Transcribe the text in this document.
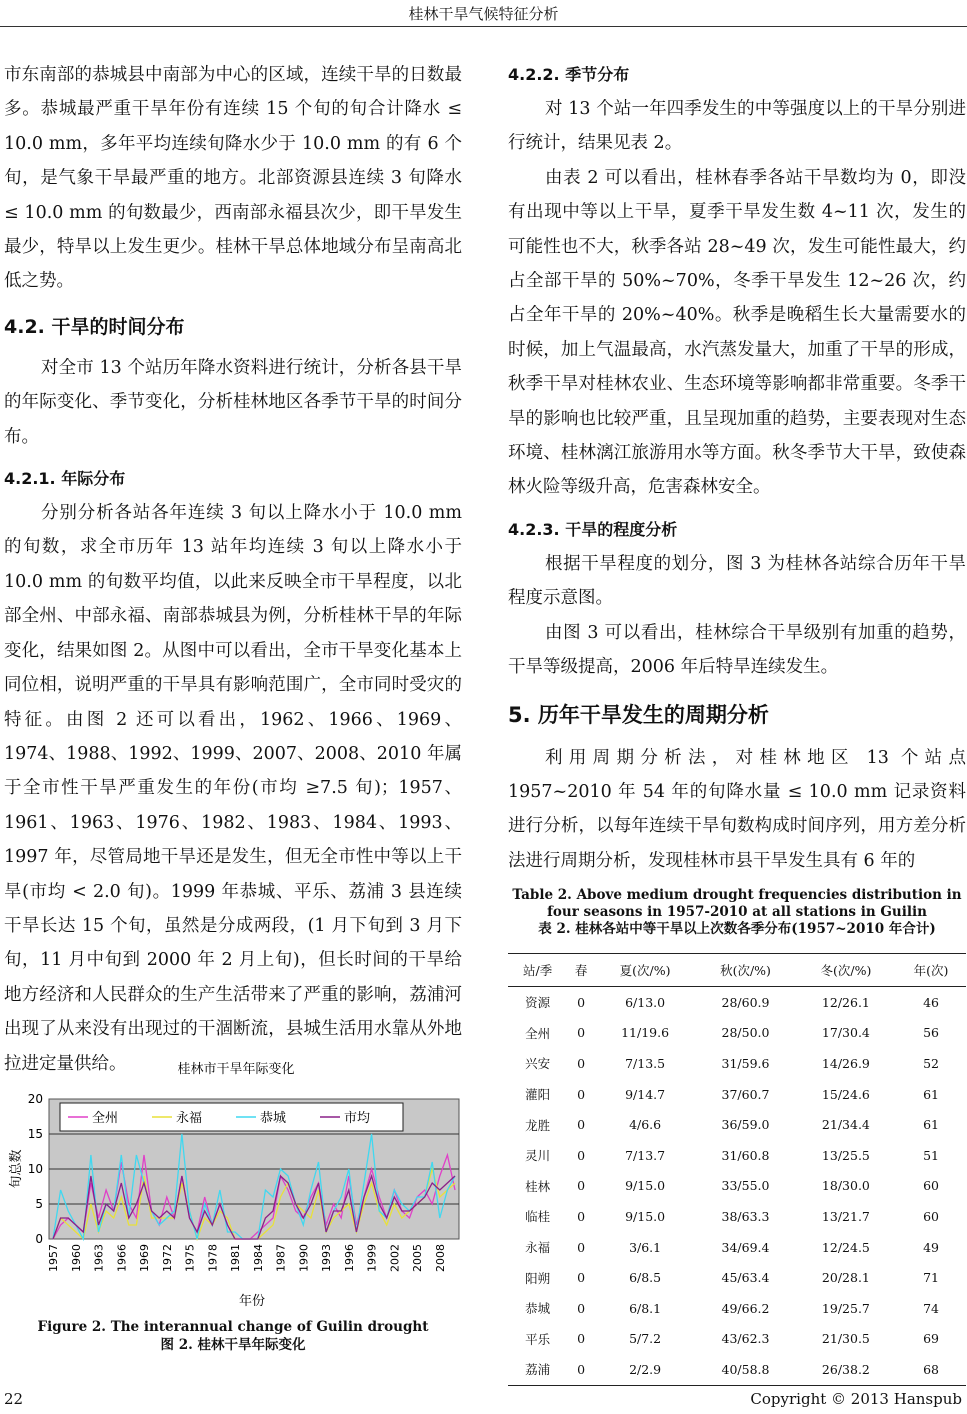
桂林干旱气候特征分析

市东南部的恭城县中南部为中心的区域，连续干旱的日数最多。恭城最严重干旱年份有连续 15 个旬的旬合计降水 ≤ 10.0 mm，多年平均连续旬降水少于 10.0 mm 的有 6 个旬，是气象干旱最严重的地方。北部资源县连续 3 旬降水 ≤ 10.0 mm 的旬数最少，西南部永福县次少，即干旱发生最少，特旱以上发生更少。桂林干旱总体地域分布呈南高北低之势。

4.2. 干旱的时间分布

对全市 13 个站历年降水资料进行统计，分析各县干旱的年际变化、季节变化，分析桂林地区各季节干旱的时间分布。

4.2.1. 年际分布

分别分析各站各年连续 3 旬以上降水小于 10.0 mm 的旬数，求全市历年 13 站年均连续 3 旬以上降水小于 10.0 mm 的旬数平均值，以此来反映全市干旱程度，以北部全州、中部永福、南部恭城县为例，分析桂林干旱的年际变化，结果如图 2。从图中可以看出，全市干旱变化基本上同位相，说明严重的干旱具有影响范围广，全市同时受灾的特征。由图 2 还可以看出，1962、1966、1969、1974、1988、1992、1999、2007、2008、2010 年属于全市性干旱严重发生的年份(市均 ≥7.5 旬)；1957、1961、1963、1976、1982、1983、1984、1993、1997 年，尽管局地干旱还是发生，但无全市性中等以上干旱(市均 < 2.0 旬)。1999 年恭城、平乐、荔浦 3 县连续干旱长达 15 个旬，虽然是分成两段，(1 月下旬到 3 月下旬，11 月中旬到 2000 年 2 月上旬)，但长时间的干旱给地方经济和人民群众的生产生活带来了严重的影响，荔浦河出现了从来没有出现过的干涸断流，县城生活用水靠从外地拉进定量供给。

4.2.2. 季节分布

对 13 个站一年四季发生的中等强度以上的干旱分别进行统计，结果见表 2。

由表 2 可以看出，桂林春季各站干旱数均为 0，即没有出现中等以上干旱，夏季干旱发生数 4~11 次，发生的可能性也不大，秋季各站 28~49 次，发生可能性最大，约占全部干旱的 50%~70%，冬季干旱发生 12~26 次，约占全年干旱的 20%~40%。秋季是晚稻生长大量需要水的时候，加上气温最高，水汽蒸发量大，加重了干旱的形成，秋季干旱对桂林农业、生态环境等影响都非常重要。冬季干旱的影响也比较严重，且呈现加重的趋势，主要表现对生态环境、桂林漓江旅游用水等方面。秋冬季节大干旱，致使森林火险等级升高，危害森林安全。

4.2.3. 干旱的程度分析

根据干旱程度的划分，图 3 为桂林各站综合历年干旱程度示意图。

由图 3 可以看出，桂林综合干旱级别有加重的趋势，干旱等级提高，2006 年后特旱连续发生。

5. 历年干旱发生的周期分析

利用周期分析法，对桂林地区 13 个站点 1957~2010 年 54 年的旬降水量 ≤ 10.0 mm 记录资料进行分析，以每年连续干旱旬数构成时间序列，用方差分析法进行周期分析，发现桂林市县干旱发生具有 6 年的

桂林市干旱年际变化
0
5
10
15
20
1957 1960 1963 1966 1969 1972 1975 1978 1981 1984 1987 1990 1993 1996 1999 2002 2005 2008
全州	永福	恭城	市均
旬总数
年份
Figure 2. The interannual change of Guilin drought
图 2. 桂林干旱年际变化
Table 2. Above medium drought frequencies distribution in four seasons in 1957-2010 at all stations in Guilin
表 2. 桂林各站中等干旱以上次数各季分布(1957~2010 年合计)
站/季	春	夏(次/%)	秋(次/%)	冬(次/%)	年(次)
资源	0	6/13.0	28/60.9	12/26.1	46
全州	0	11/19.6	28/50.0	17/30.4	56
兴安	0	7/13.5	31/59.6	14/26.9	52
灌阳	0	9/14.7	37/60.7	15/24.6	61
龙胜	0	4/6.6	36/59.0	21/34.4	61
灵川	0	7/13.7	31/60.8	13/25.5	51
桂林	0	9/15.0	33/55.0	18/30.0	60
临桂	0	9/15.0	38/63.3	13/21.7	60
永福	0	3/6.1	34/69.4	12/24.5	49
阳朔	0	6/8.5	45/63.4	20/28.1	71
恭城	0	6/8.1	49/66.2	19/25.7	74
平乐	0	5/7.2	43/62.3	21/30.5	69
荔浦	0	2/2.9	40/58.8	26/38.2	68
22	Copyright © 2013 Hanspub
